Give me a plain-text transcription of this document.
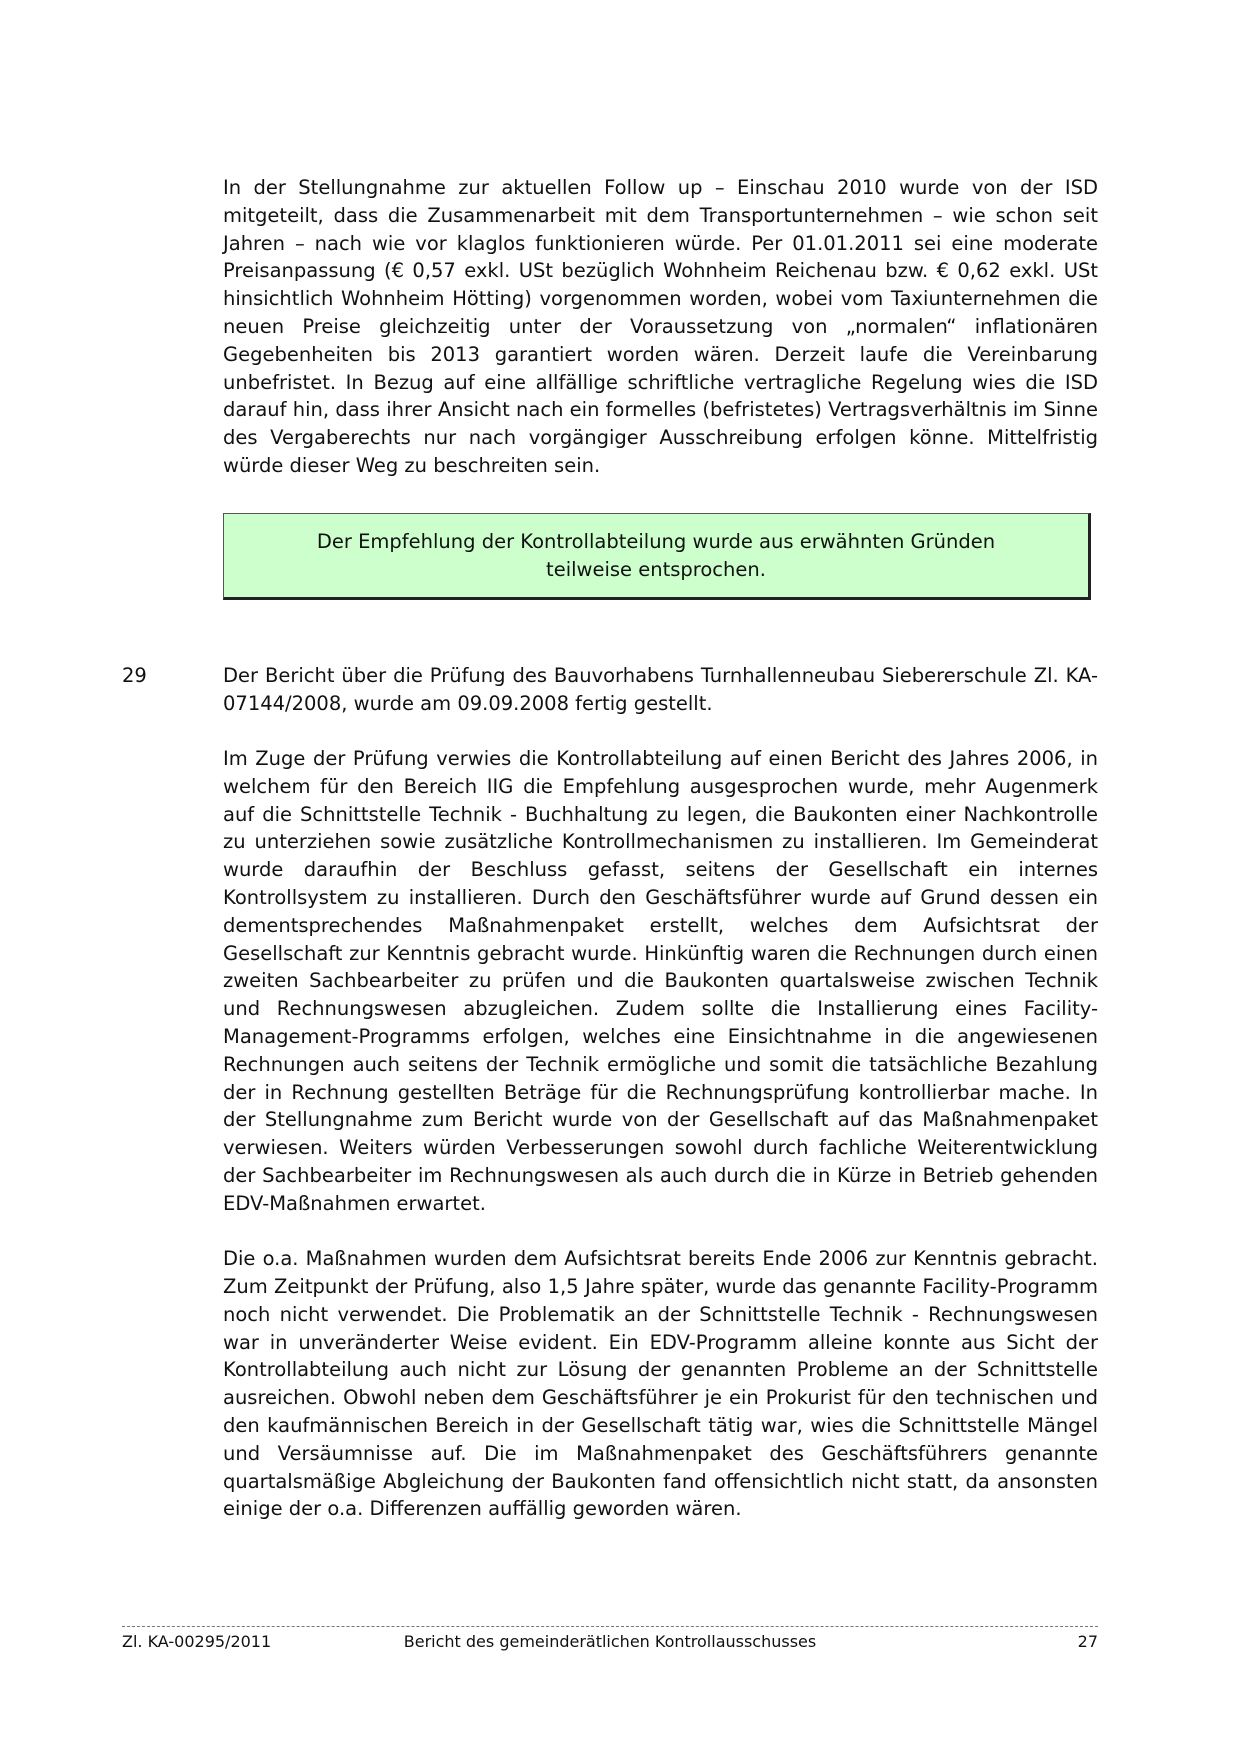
In der Stellungnahme zur aktuellen Follow up – Einschau 2010 wurde von der ISD mitgeteilt, dass die Zusammenarbeit mit dem Transportunternehmen – wie schon seit Jahren – nach wie vor klaglos funktionieren würde. Per 01.01.2011 sei eine moderate Preisanpassung (€ 0,57 exkl. USt bezüglich Wohnheim Reichenau bzw. € 0,62 exkl. USt hinsichtlich Wohnheim Hötting) vorgenommen worden, wobei vom Taxiunternehmen die neuen Preise gleichzeitig unter der Voraussetzung von „normalen“ inflationären Gegebenheiten bis 2013 garantiert worden wären. Derzeit laufe die Vereinbarung unbefristet. In Bezug auf eine allfällige schriftliche vertragliche Regelung wies die ISD darauf hin, dass ihrer Ansicht nach ein formelles (befristetes) Vertragsverhältnis im Sinne des Vergaberechts nur nach vorgängiger Ausschreibung erfolgen könne. Mittelfristig würde dieser Weg zu beschreiten sein.

Der Empfehlung der Kontrollabteilung wurde aus erwähnten Gründen teilweise entsprochen.

29	Der Bericht über die Prüfung des Bauvorhabens Turnhallenneubau Siebererschule Zl. KA-07144/2008, wurde am 09.09.2008 fertig gestellt.

Im Zuge der Prüfung verwies die Kontrollabteilung auf einen Bericht des Jahres 2006, in welchem für den Bereich IIG die Empfehlung ausgesprochen wurde, mehr Augenmerk auf die Schnittstelle Technik - Buchhaltung zu legen, die Baukonten einer Nachkontrolle zu unterziehen sowie zusätzliche Kontrollmechanismen zu installieren. Im Gemeinderat wurde daraufhin der Beschluss gefasst, seitens der Gesellschaft ein internes Kontrollsystem zu installieren. Durch den Geschäftsführer wurde auf Grund dessen ein dementsprechendes Maßnahmenpaket erstellt, welches dem Aufsichtsrat der Gesellschaft zur Kenntnis gebracht wurde. Hinkünftig waren die Rechnungen durch einen zweiten Sachbearbeiter zu prüfen und die Baukonten quartalsweise zwischen Technik und Rechnungswesen abzugleichen. Zudem sollte die Installierung eines Facility-Management-Programms erfolgen, welches eine Einsichtnahme in die angewiesenen Rechnungen auch seitens der Technik ermögliche und somit die tatsächliche Bezahlung der in Rechnung gestellten Beträge für die Rechnungsprüfung kontrollierbar mache. In der Stellungnahme zum Bericht wurde von der Gesellschaft auf das Maßnahmenpaket verwiesen. Weiters würden Verbesserungen sowohl durch fachliche Weiterentwicklung der Sachbearbeiter im Rechnungswesen als auch durch die in Kürze in Betrieb gehenden EDV-Maßnahmen erwartet.

Die o.a. Maßnahmen wurden dem Aufsichtsrat bereits Ende 2006 zur Kenntnis gebracht. Zum Zeitpunkt der Prüfung, also 1,5 Jahre später, wurde das genannte Facility-Programm noch nicht verwendet. Die Problematik an der Schnittstelle Technik - Rechnungswesen war in unveränderter Weise evident. Ein EDV-Programm alleine konnte aus Sicht der Kontrollabteilung auch nicht zur Lösung der genannten Probleme an der Schnittstelle ausreichen. Obwohl neben dem Geschäftsführer je ein Prokurist für den technischen und den kaufmännischen Bereich in der Gesellschaft tätig war, wies die Schnittstelle Mängel und Versäumnisse auf. Die im Maßnahmenpaket des Geschäftsführers genannte quartalsmäßige Abgleichung der Baukonten fand offensichtlich nicht statt, da ansonsten einige der o.a. Differenzen auffällig geworden wären.

Zl. KA-00295/2011	Bericht des gemeinderätlichen Kontrollausschusses	27
